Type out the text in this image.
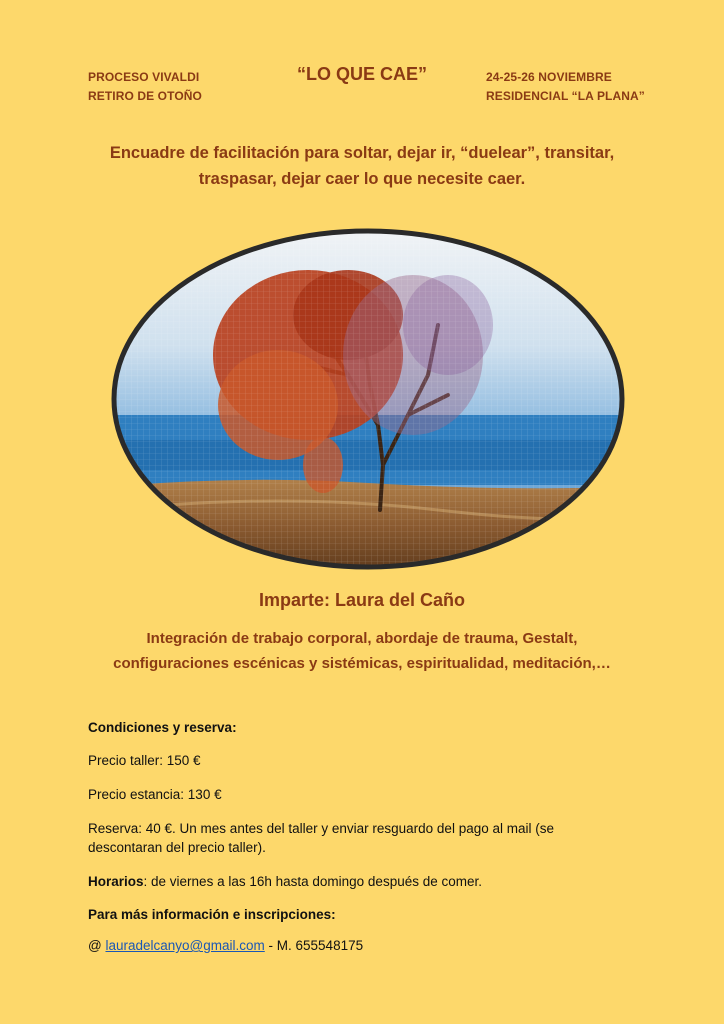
PROCESO VIVALDI
RETIRO DE OTOÑO
“LO QUE CAE”	24-25-26 NOVIEMBRE
RESIDENCIAL “LA PLANA”
Encuadre de facilitación para soltar, dejar ir, “duelear”, transitar,
traspasar, dejar caer lo que necesite caer.
Imparte: Laura del Caño
Integración de trabajo corporal, abordaje de trauma, Gestalt,
configuraciones escénicas y sistémicas, espiritualidad, meditación,…
Condiciones y reserva:
Precio taller: 150 €
Precio estancia: 130 €
Reserva: 40 €. Un mes antes del taller y enviar resguardo del pago al mail (se
descontaran del precio taller).
Horarios: de viernes a las 16h hasta domingo después de comer.
Para más información e inscripciones:
@ lauradelcanyo@gmail.com - M. 655548175
